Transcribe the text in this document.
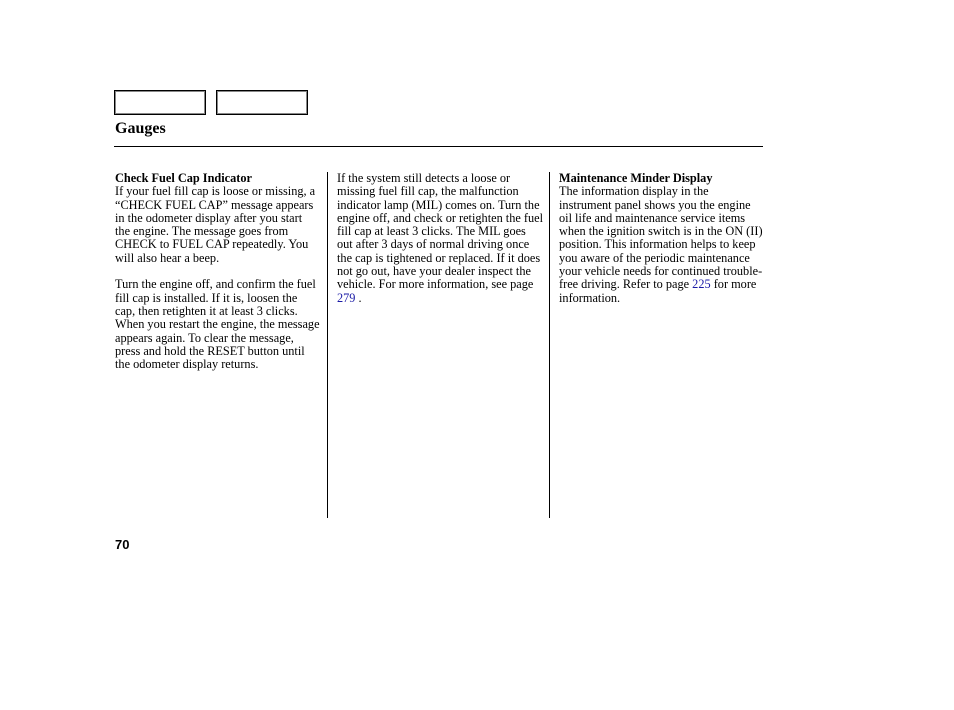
Gauges
Check Fuel Cap Indicator

If your fuel fill cap is loose or missing, a “CHECK FUEL CAP” message appears in the odometer display after you start the engine. The message goes from CHECK to FUEL CAP repeatedly. You will also hear a beep.

Turn the engine off, and confirm the fuel fill cap is installed. If it is, loosen the cap, then retighten it at least 3 clicks. When you restart the engine, the message appears again. To clear the message, press and hold the RESET button until the odometer display returns.

If the system still detects a loose or missing fuel fill cap, the malfunction indicator lamp (MIL) comes on. Turn the engine off, and check or retighten the fuel fill cap at least 3 clicks. The MIL goes out after 3 days of normal driving once the cap is tightened or replaced. If it does not go out, have your dealer inspect the vehicle. For more information, see page 279 .

Maintenance Minder Display

The information display in the instrument panel shows you the engine oil life and maintenance service items when the ignition switch is in the ON (II) position. This information helps to keep you aware of the periodic maintenance your vehicle needs for continued trouble-free driving. Refer to page 225 for more information.

70
